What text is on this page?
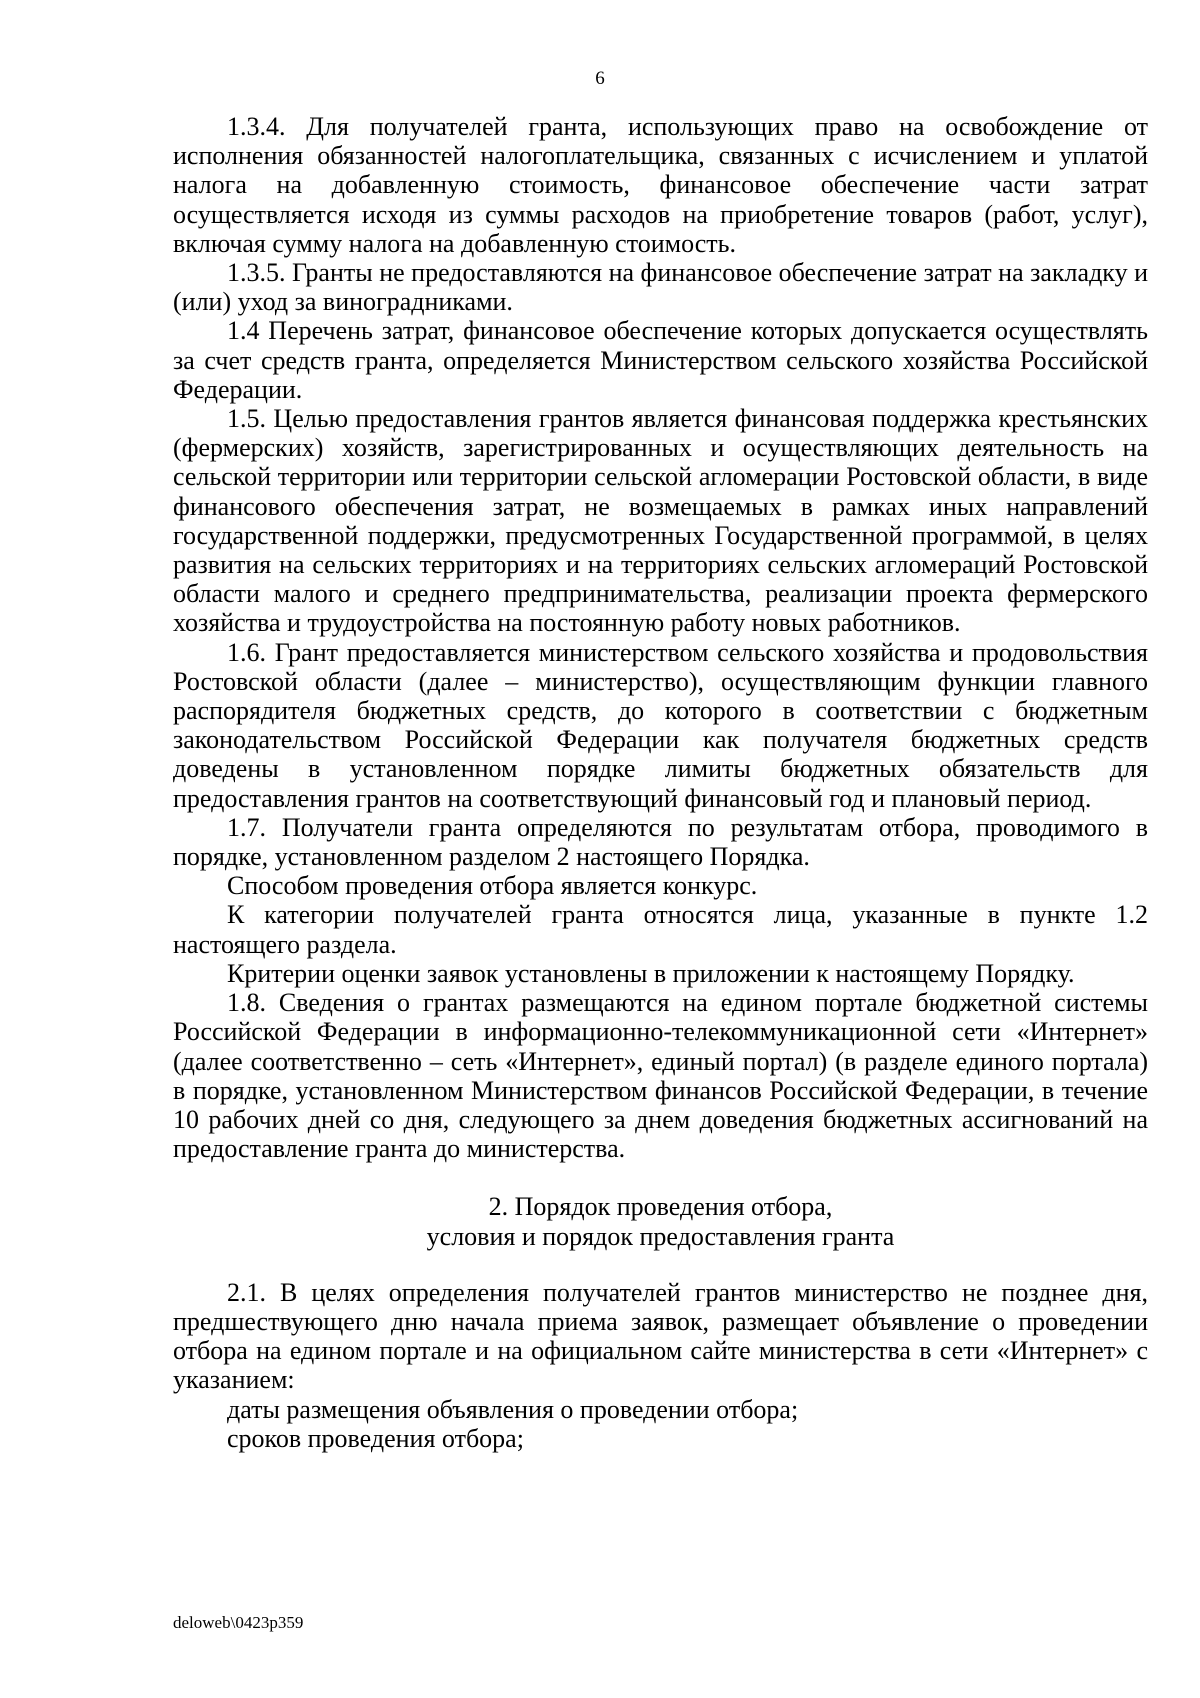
6

1.3.4. Для получателей гранта, использующих право на освобождение от исполнения обязанностей налогоплательщика, связанных с исчислением и уплатой налога на добавленную стоимость, финансовое обеспечение части затрат осуществляется исходя из суммы расходов на приобретение товаров (работ, услуг), включая сумму налога на добавленную стоимость.

1.3.5. Гранты не предоставляются на финансовое обеспечение затрат на закладку и (или) уход за виноградниками.

1.4 Перечень затрат, финансовое обеспечение которых допускается осуществлять за счет средств гранта, определяется Министерством сельского хозяйства Российской Федерации.

1.5. Целью предоставления грантов является финансовая поддержка крестьянских (фермерских) хозяйств, зарегистрированных и осуществляющих деятельность на сельской территории или территории сельской агломерации Ростовской области, в виде финансового обеспечения затрат, не возмещаемых в рамках иных направлений государственной поддержки, предусмотренных Государственной программой, в целях развития на сельских территориях и на территориях сельских агломераций Ростовской области малого и среднего предпринимательства, реализации проекта фермерского хозяйства и трудоустройства на постоянную работу новых работников.

1.6. Грант предоставляется министерством сельского хозяйства и продовольствия Ростовской области (далее – министерство), осуществляющим функции главного распорядителя бюджетных средств, до которого в соответствии с бюджетным законодательством Российской Федерации как получателя бюджетных средств доведены в установленном порядке лимиты бюджетных обязательств для предоставления грантов на соответствующий финансовый год и плановый период.

1.7. Получатели гранта определяются по результатам отбора, проводимого в порядке, установленном разделом 2 настоящего Порядка.

Способом проведения отбора является конкурс.

К категории получателей гранта относятся лица, указанные в пункте 1.2 настоящего раздела.

Критерии оценки заявок установлены в приложении к настоящему Порядку.

1.8. Сведения о грантах размещаются на едином портале бюджетной системы Российской Федерации в информационно-телекоммуникационной сети «Интернет» (далее соответственно – сеть «Интернет», единый портал) (в разделе единого портала) в порядке, установленном Министерством финансов Российской Федерации, в течение 10 рабочих дней со дня, следующего за днем доведения бюджетных ассигнований на предоставление гранта до министерства.

2. Порядок проведения отбора,
условия и порядок предоставления гранта

2.1. В целях определения получателей грантов министерство не позднее дня, предшествующего дню начала приема заявок, размещает объявление о проведении отбора на едином портале и на официальном сайте министерства в сети «Интернет» с указанием:

даты размещения объявления о проведении отбора;

сроков проведения отбора;

deloweb\0423p359
